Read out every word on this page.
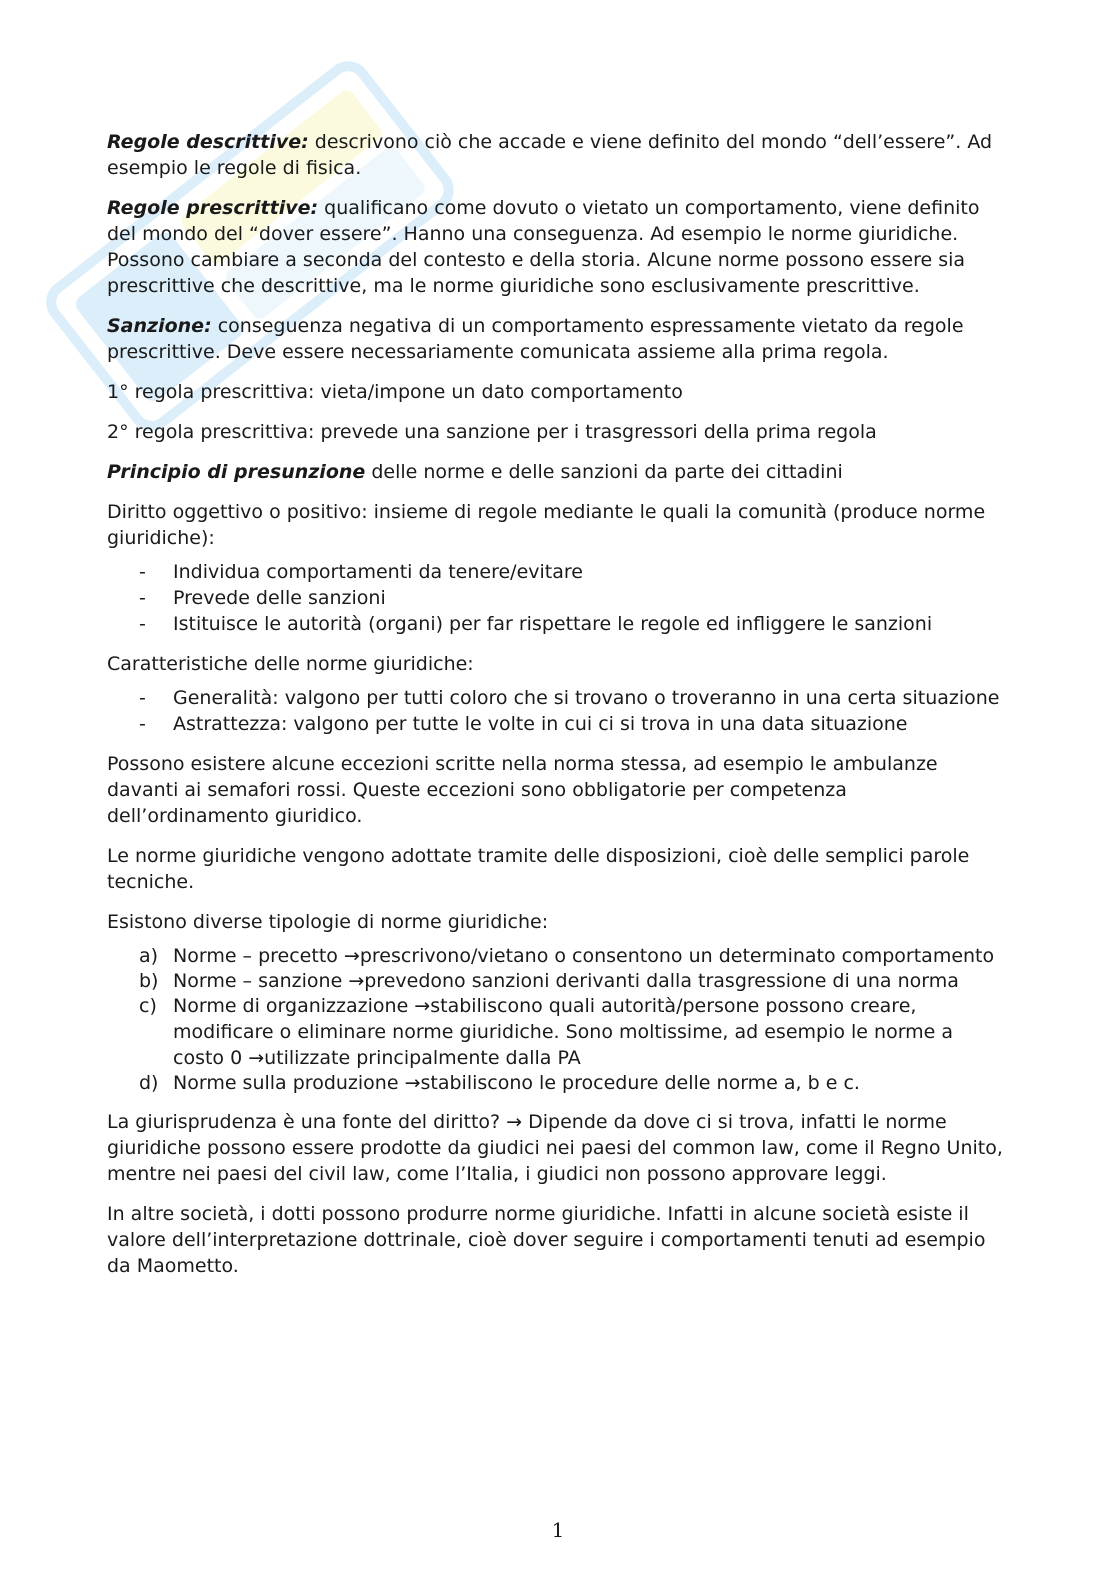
Regole descrittive: descrivono ciò che accade e viene definito del mondo “dell’essere”. Ad esempio le regole di fisica.

Regole prescrittive: qualificano come dovuto o vietato un comportamento, viene definito del mondo del “dover essere”. Hanno una conseguenza. Ad esempio le norme giuridiche. Possono cambiare a seconda del contesto e della storia. Alcune norme possono essere sia prescrittive che descrittive, ma le norme giuridiche sono esclusivamente prescrittive.

Sanzione: conseguenza negativa di un comportamento espressamente vietato da regole prescrittive. Deve essere necessariamente comunicata assieme alla prima regola.

1° regola prescrittiva: vieta/impone un dato comportamento

2° regola prescrittiva: prevede una sanzione per i trasgressori della prima regola

Principio di presunzione delle norme e delle sanzioni da parte dei cittadini

Diritto oggettivo o positivo: insieme di regole mediante le quali la comunità (produce norme giuridiche):

- Individua comportamenti da tenere/evitare
- Prevede delle sanzioni
- Istituisce le autorità (organi) per far rispettare le regole ed infliggere le sanzioni

Caratteristiche delle norme giuridiche:

- Generalità: valgono per tutti coloro che si trovano o troveranno in una certa situazione
- Astrattezza: valgono per tutte le volte in cui ci si trova in una data situazione

Possono esistere alcune eccezioni scritte nella norma stessa, ad esempio le ambulanze davanti ai semafori rossi. Queste eccezioni sono obbligatorie per competenza dell’ordinamento giuridico.

Le norme giuridiche vengono adottate tramite delle disposizioni, cioè delle semplici parole tecniche.

Esistono diverse tipologie di norme giuridiche:

a) Norme – precetto →prescrivono/vietano o consentono un determinato comportamento
b) Norme – sanzione →prevedono sanzioni derivanti dalla trasgressione di una norma
c) Norme di organizzazione →stabiliscono quali autorità/persone possono creare, modificare o eliminare norme giuridiche. Sono moltissime, ad esempio le norme a costo 0 →utilizzate principalmente dalla PA
d) Norme sulla produzione →stabiliscono le procedure delle norme a, b e c.

La giurisprudenza è una fonte del diritto? → Dipende da dove ci si trova, infatti le norme giuridiche possono essere prodotte da giudici nei paesi del common law, come il Regno Unito, mentre nei paesi del civil law, come l’Italia, i giudici non possono approvare leggi.

In altre società, i dotti possono produrre norme giuridiche. Infatti in alcune società esiste il valore dell’interpretazione dottrinale, cioè dover seguire i comportamenti tenuti ad esempio da Maometto.

1
